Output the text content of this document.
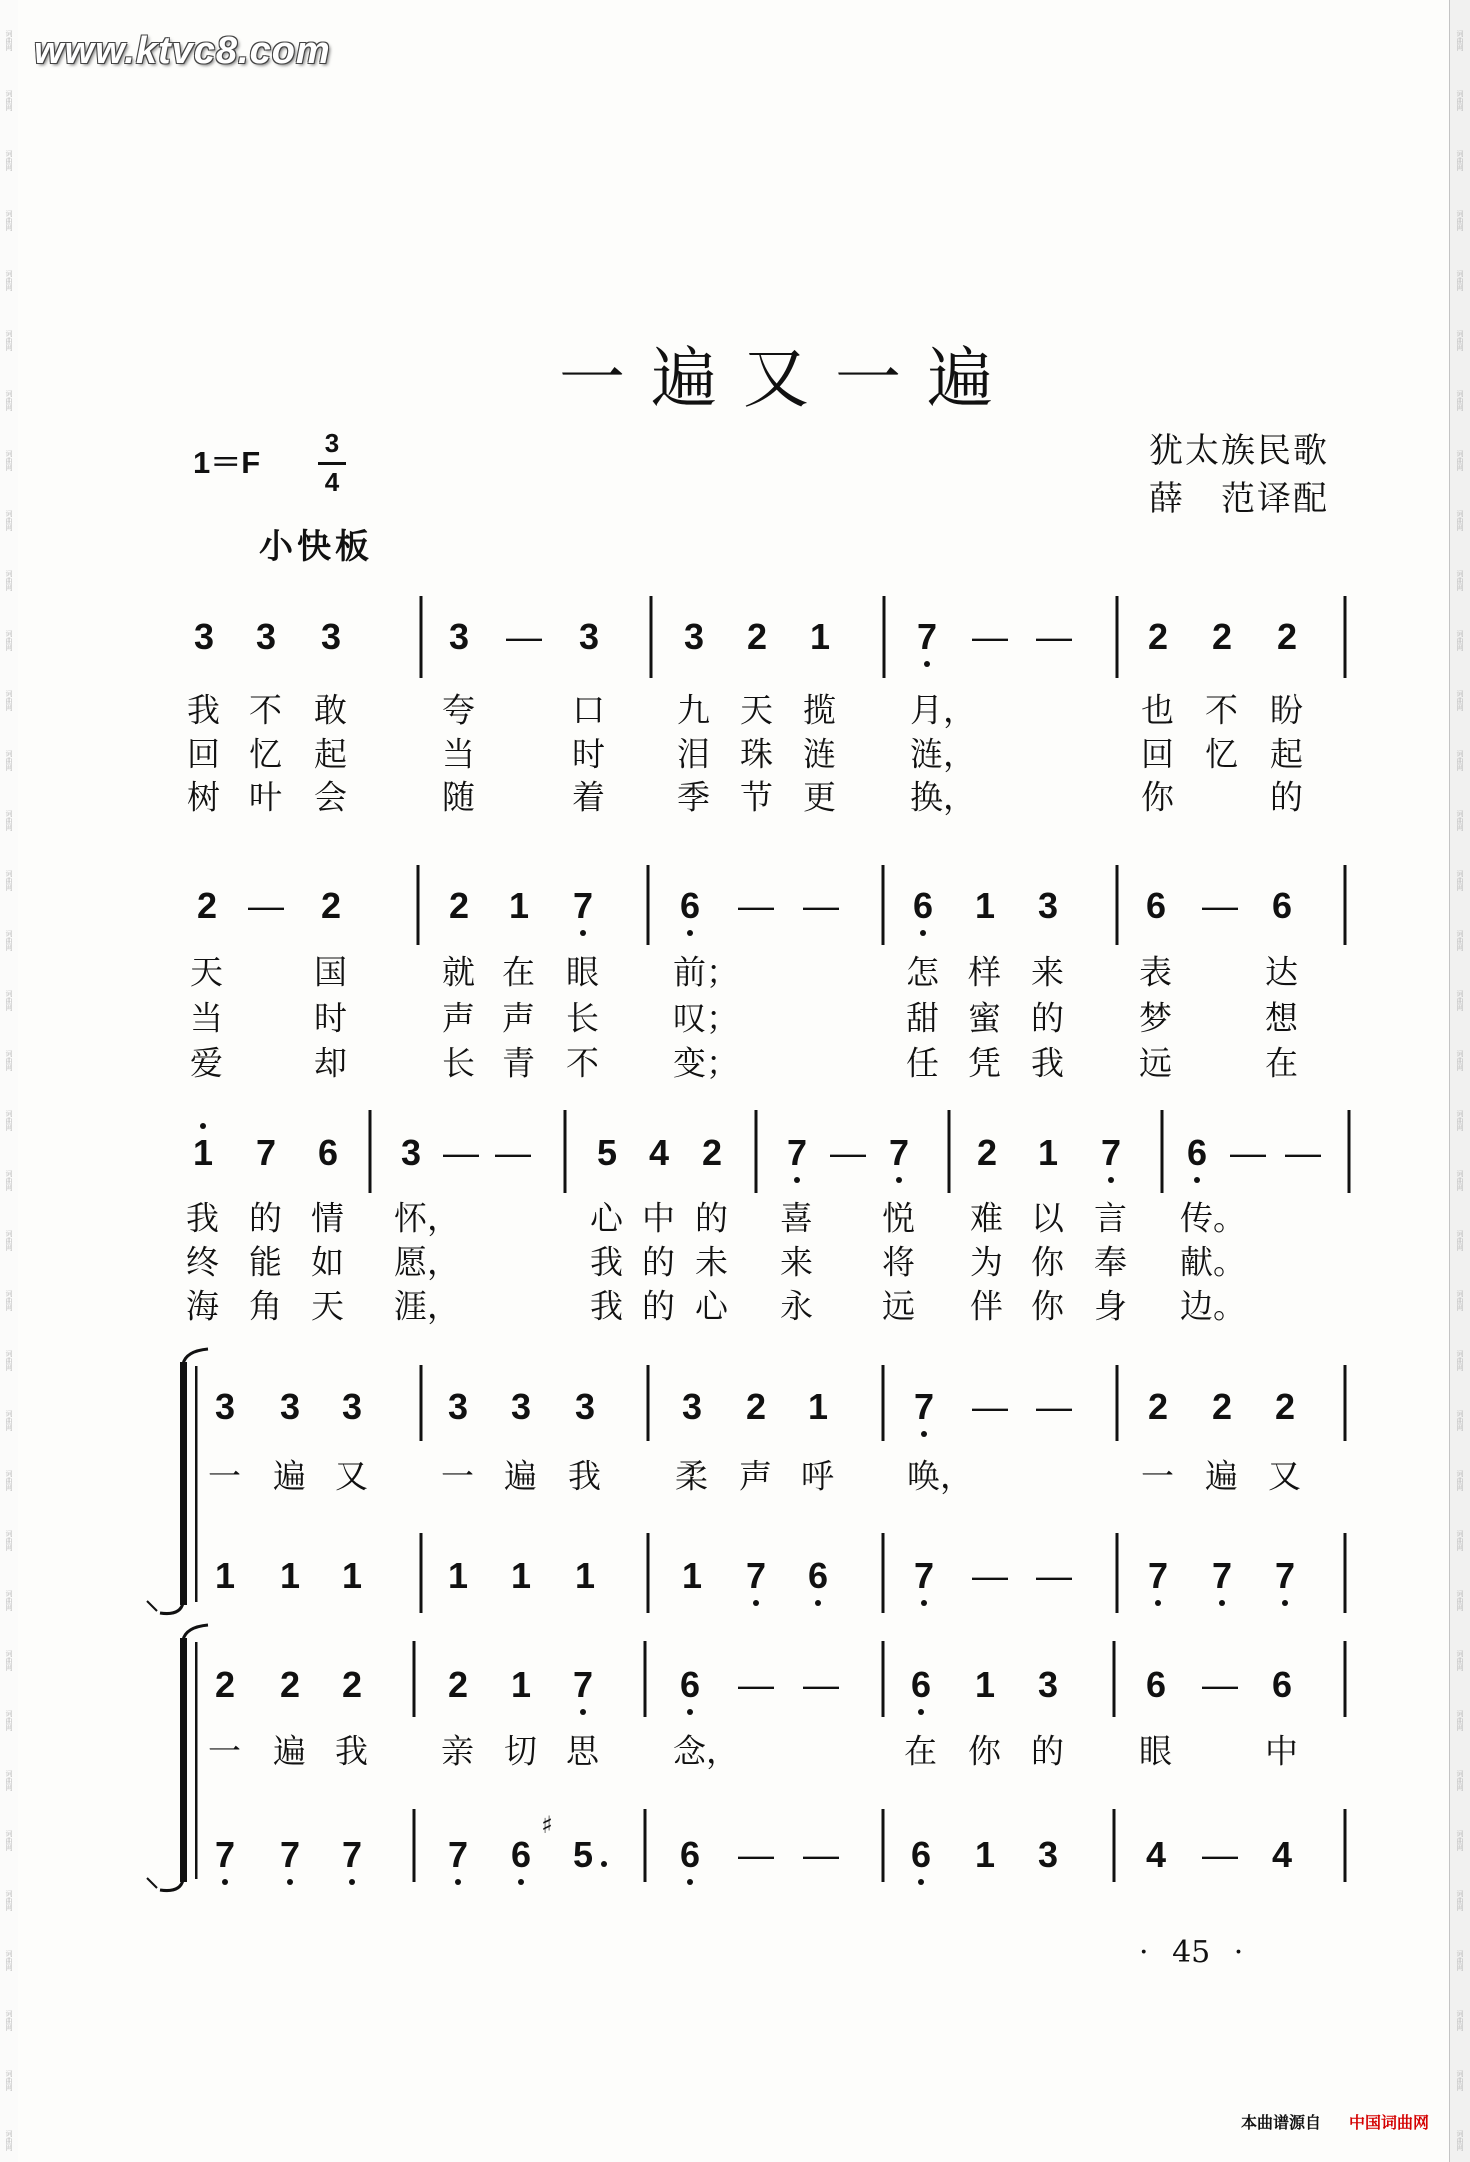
词曲网
词曲网
词曲网
词曲网
词曲网
词曲网
词曲网
词曲网
词曲网
词曲网
词曲网
词曲网
词曲网
词曲网
词曲网
词曲网
词曲网
词曲网
词曲网
词曲网
词曲网
词曲网
词曲网
词曲网
词曲网
词曲网
词曲网
词曲网
词曲网
词曲网
词曲网
词曲网
词曲网
词曲网
词曲网
词曲网
词曲网
词曲网
词曲网
词曲网
词曲网
词曲网
词曲网
词曲网
词曲网
词曲网
词曲网
词曲网
词曲网
词曲网
词曲网
词曲网
词曲网
词曲网
词曲网
词曲网
词曲网
词曲网
词曲网
词曲网
词曲网
词曲网
词曲网
词曲网
词曲网
词曲网
词曲网
词曲网
词曲网
词曲网
词曲网
词曲网
www.ktvc8.com
一遍又一遍
1＝F
3
4
小快板
犹太族民歌
薛　范译配
3 3 3	3 — 3 3 2 1 7 — — 2 2 2
我 不 敢	夸	口 九 天 揽 月，	也 不 盼
回 忆 起	当	时 泪 珠 涟 涟，	回 忆 起
树 叶 会	随	着 季 节 更 换，	你	的
2 — 2	2 1 7 6 — — 6 1 3 6 — 6
天	国	就 在 眼 前；	怎 样 来 表	达
当	时	声 声 长 叹；	甜 蜜 的 梦	想
爱	却	长 青 不 变；	任 凭 我 远	在
1 7 6 3 — — 5 4 2 7 — 7 2 1 7 6 — —
我 的 情 怀，	心 中 的 喜 悦 难 以 言 传。
终 能 如 愿，	我 的 未 来 将 为 你 奉 献。
海 角 天 涯，	我 的 心 永 远 伴 你 身 边。
3 3 3 3 3 3 3 2 1 7 — — 2 2 2
1 1 1 1 1 1 1 7 6 7 — — 7 7 7
一 遍 又 一 遍 我 柔 声 呼 唤，	一 遍 又
2 2 2 2 1 7 6 — — 6 1 3 6 — 6
7 7 7 7 6 5
♯
6 — — 6 1 3 4 — 4
一 遍 我 亲 切 思 念，	在 你 的 眼	中
· 45 ·
本曲谱源自 中国词曲网
